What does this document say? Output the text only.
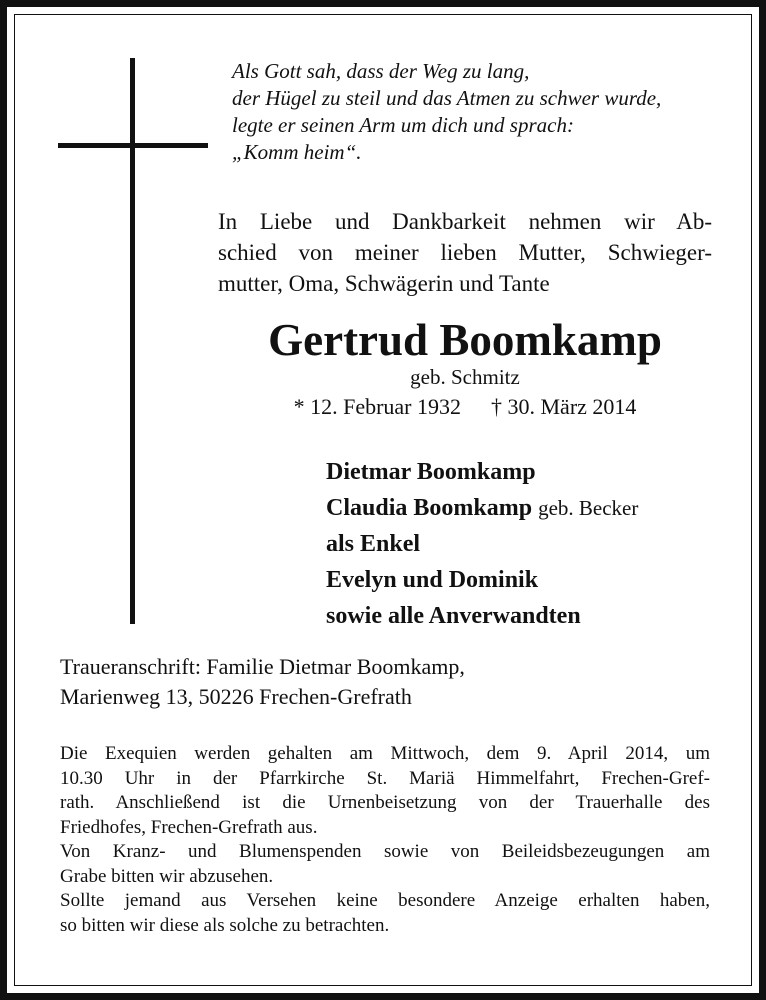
Als Gott sah, dass der Weg zu lang,
der Hügel zu steil und das Atmen zu schwer wurde,
legte er seinen Arm um dich und sprach:
„Komm heim“.
In Liebe und Dankbarkeit nehmen wir Ab-
schied von meiner lieben Mutter, Schwieger-
mutter, Oma, Schwägerin und Tante
Gertrud Boomkamp
geb. Schmitz
* 12. Februar 1932 † 30. März 2014
Dietmar Boomkamp
Claudia Boomkamp geb. Becker
als Enkel
Evelyn und Dominik
sowie alle Anverwandten
Traueranschrift: Familie Dietmar Boomkamp,
Marienweg 13, 50226 Frechen-Grefrath
Die Exequien werden gehalten am Mittwoch, dem 9. April 2014, um
10.30 Uhr in der Pfarrkirche St. Mariä Himmelfahrt, Frechen-Gref-
rath. Anschließend ist die Urnenbeisetzung von der Trauerhalle des
Friedhofes, Frechen-Grefrath aus.
Von Kranz- und Blumenspenden sowie von Beileidsbezeugungen am
Grabe bitten wir abzusehen.
Sollte jemand aus Versehen keine besondere Anzeige erhalten haben,
so bitten wir diese als solche zu betrachten.
